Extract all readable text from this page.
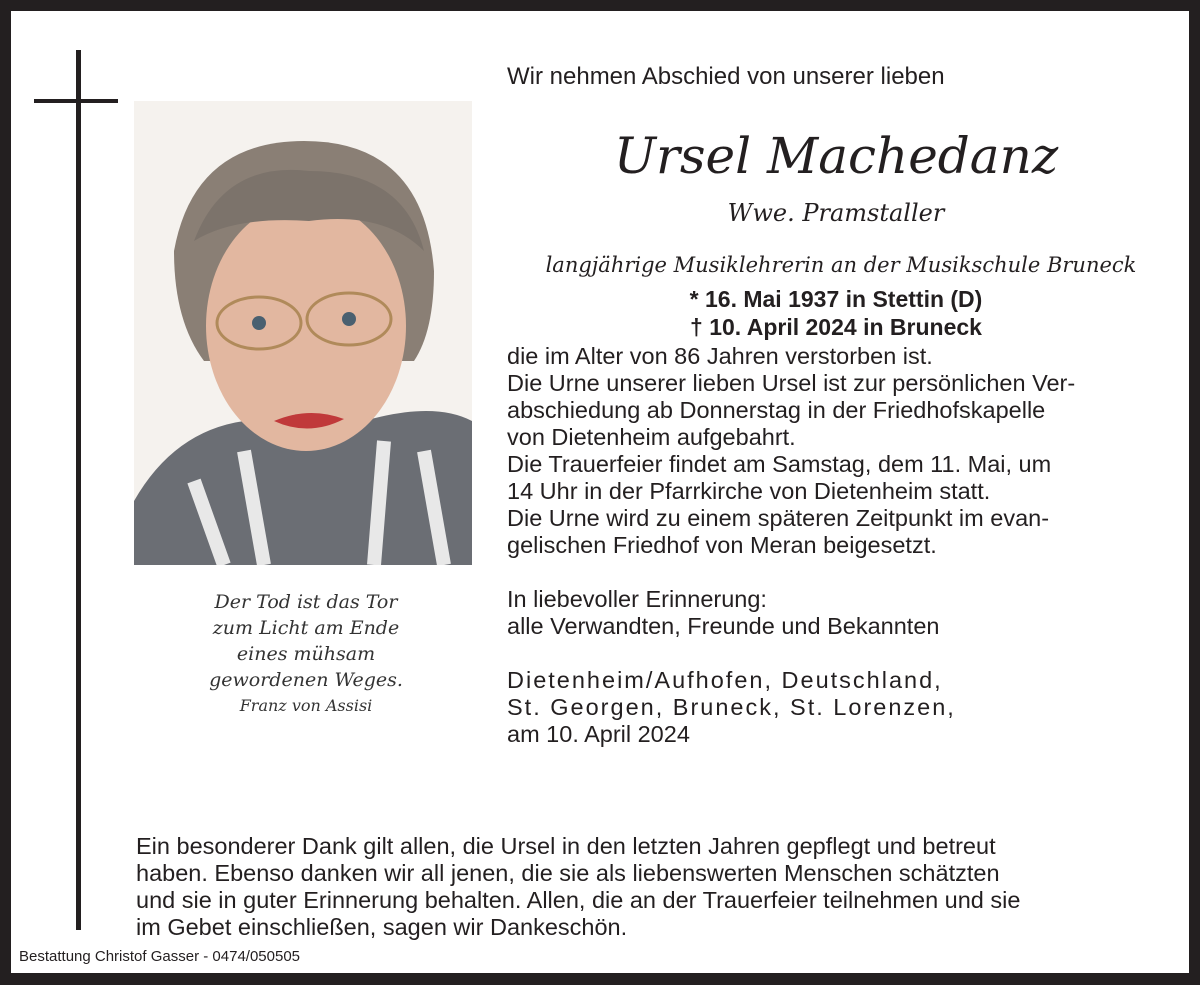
Der Tod ist das Tor
zum Licht am Ende
eines mühsam
gewordenen Weges.
Franz von Assisi
Wir nehmen Abschied von unserer lieben
Ursel Machedanz
Wwe. Pramstaller
langjährige Musiklehrerin an der Musikschule Bruneck
* 16. Mai 1937 in Stettin (D)
† 10. April 2024 in Bruneck
die im Alter von 86 Jahren verstorben ist.
Die Urne unserer lieben Ursel ist zur persönlichen Ver-
abschiedung ab Donnerstag in der Friedhofskapelle
von Dietenheim aufgebahrt.
Die Trauerfeier findet am Samstag, dem 11. Mai, um
14 Uhr in der Pfarrkirche von Dietenheim statt.
Die Urne wird zu einem späteren Zeitpunkt im evan-
gelischen Friedhof von Meran beigesetzt.
In liebevoller Erinnerung:
alle Verwandten, Freunde und Bekannten
Dietenheim/Aufhofen, Deutschland,
St. Georgen, Bruneck, St. Lorenzen,
am 10. April 2024
Ein besonderer Dank gilt allen, die Ursel in den letzten Jahren gepflegt und betreut
haben. Ebenso danken wir all jenen, die sie als liebenswerten Menschen schätzten
und sie in guter Erinnerung behalten. Allen, die an der Trauerfeier teilnehmen und sie
im Gebet einschließen, sagen wir Dankeschön.
Bestattung Christof Gasser - 0474/050505
